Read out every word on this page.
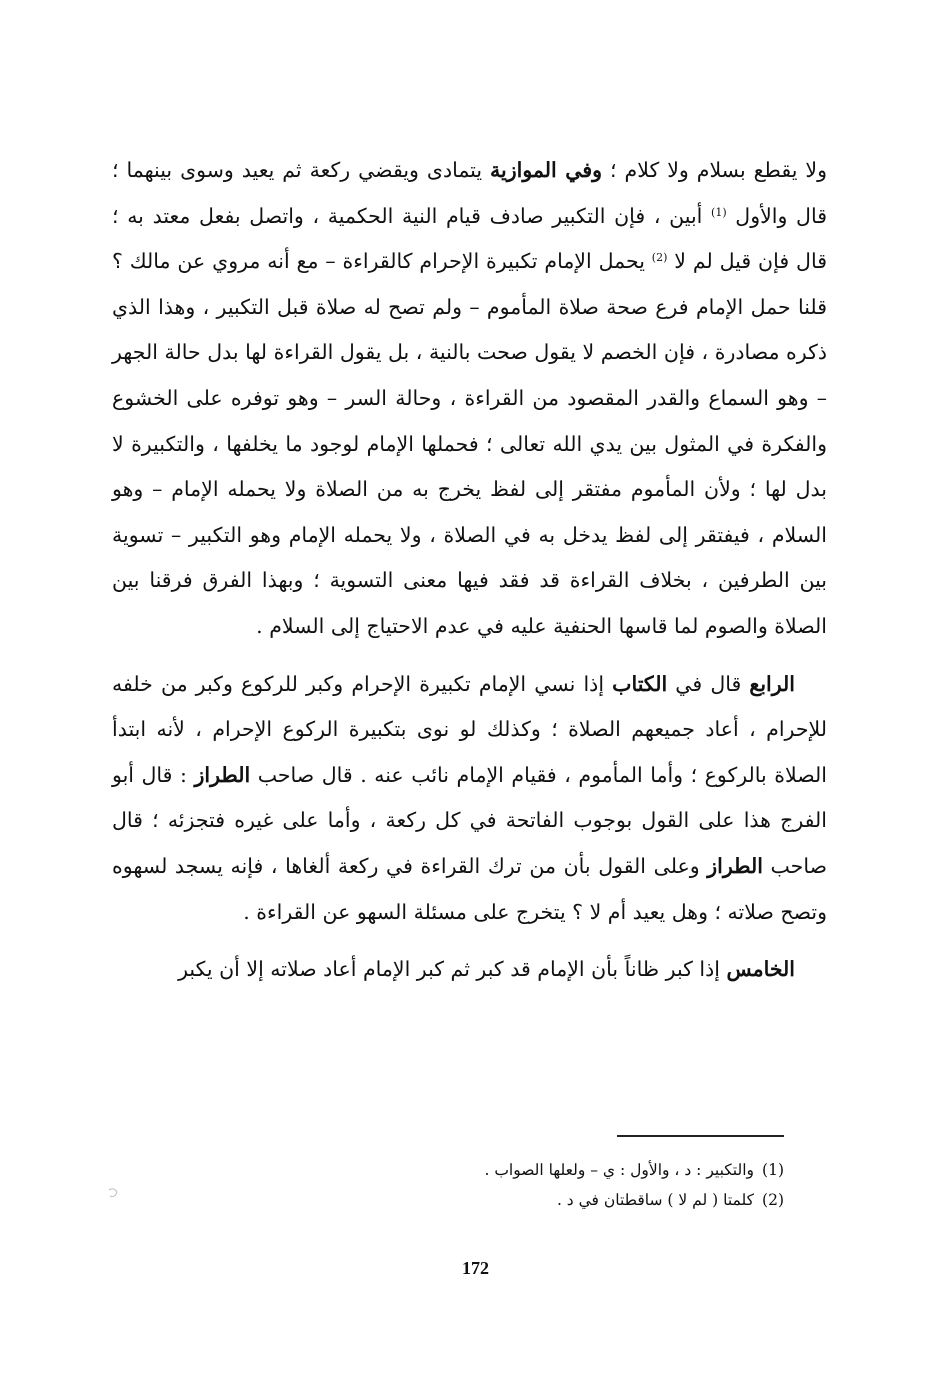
ولا يقطع بسلام ولا كلام ؛ وفي الموازية يتمادى ويقضي ركعة ثم يعيد وسوى بينهما ؛ قال والأول $^{(1)}$ أبين ، فإن التكبير صادف قيام النية الحكمية ، واتصل بفعل معتد به ؛ قال فإن قيل لم لا $^{(2)}$ يحمل الإمام تكبيرة الإحرام كالقراءة – مع أنه مروي عن مالك ؟ قلنا حمل الإمام فرع صحة صلاة المأموم – ولم تصح له صلاة قبل التكبير ، وهذا الذي ذكره مصادرة ، فإن الخصم لا يقول صحت بالنية ، بل يقول القراءة لها بدل حالة الجهر – وهو السماع والقدر المقصود من القراءة ، وحالة السر – وهو توفره على الخشوع والفكرة في المثول بين يدي الله تعالى ؛ فحملها الإمام لوجود ما يخلفها ، والتكبيرة لا بدل لها ؛ ولأن المأموم مفتقر إلى لفظ يخرج به من الصلاة ولا يحمله الإمام – وهو السلام ، فيفتقر إلى لفظ يدخل به في الصلاة ، ولا يحمله الإمام وهو التكبير – تسوية بين الطرفين ، بخلاف القراءة قد فقد فيها معنى التسوية ؛ وبهذا الفرق فرقنا بين الصلاة والصوم لما قاسها الحنفية عليه في عدم الاحتياج إلى السلام .

الرابع قال في الكتاب إذا نسي الإمام تكبيرة الإحرام وكبر للركوع وكبر من خلفه للإحرام ، أعاد جميعهم الصلاة ؛ وكذلك لو نوى بتكبيرة الركوع الإحرام ، لأنه ابتدأ الصلاة بالركوع ؛ وأما المأموم ، فقيام الإمام نائب عنه . قال صاحب الطراز : قال أبو الفرج هذا على القول بوجوب الفاتحة في كل ركعة ، وأما على غيره فتجزئه ؛ قال صاحب الطراز وعلى القول بأن من ترك القراءة في ركعة ألغاها ، فإنه يسجد لسهوه وتصح صلاته ؛ وهل يعيد أم لا ؟ يتخرج على مسئلة السهو عن القراءة .

الخامس إذا كبر ظاناً بأن الإمام قد كبر ثم كبر الإمام أعاد صلاته إلا أن يكبر

(1)والتكبير : د ، والأول : ي – ولعلها الصواب .
(2)كلمتا ( لم لا ) ساقطتان في د .
172
